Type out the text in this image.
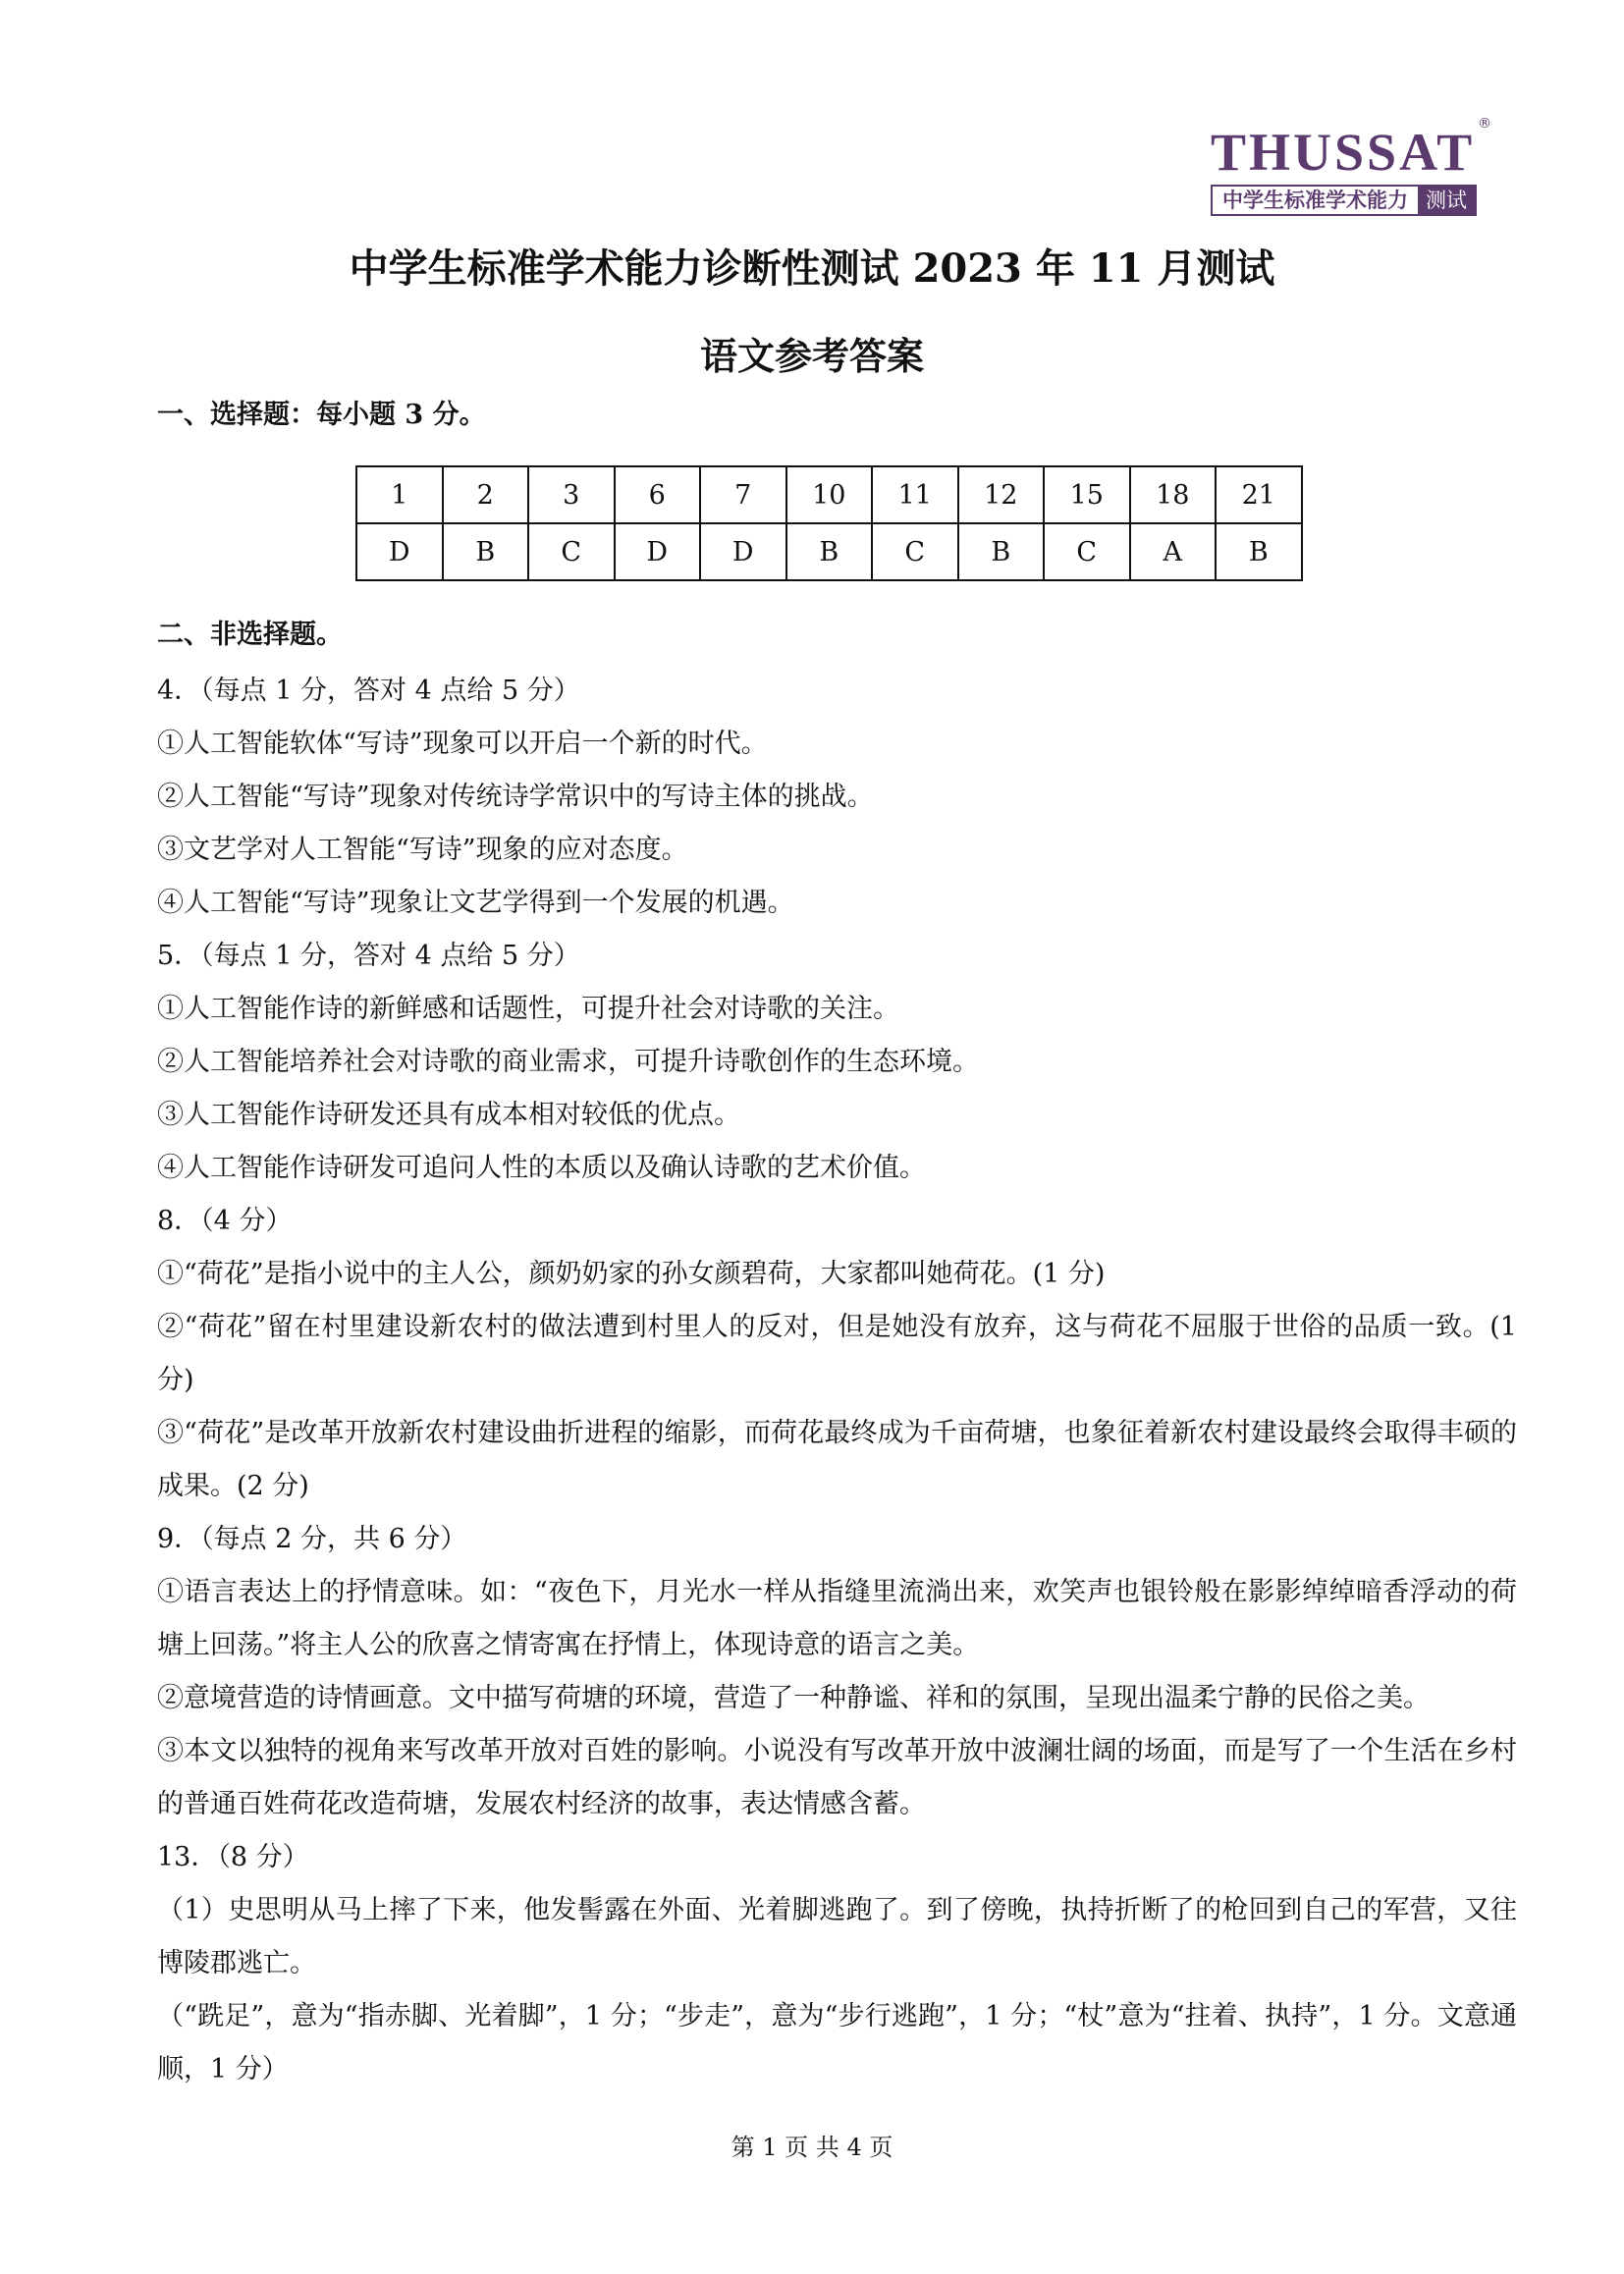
THUSSAT ®
中学生标准学术能力 测试
中学生标准学术能力诊断性测试 2023 年 11 月测试
语文参考答案
一、选择题：每小题 3 分。
1	2	3	6	7	10	11	12	15	18	21
D	B	C	D	D	B	C	B	C	A	B
二、非选择题。

4．（每点 1 分，答对 4 点给 5 分）

①人工智能软体“写诗”现象可以开启一个新的时代。

②人工智能“写诗”现象对传统诗学常识中的写诗主体的挑战。

③文艺学对人工智能“写诗”现象的应对态度。

④人工智能“写诗”现象让文艺学得到一个发展的机遇。

5．（每点 1 分，答对 4 点给 5 分）

①人工智能作诗的新鲜感和话题性，可提升社会对诗歌的关注。

②人工智能培养社会对诗歌的商业需求，可提升诗歌创作的生态环境。

③人工智能作诗研发还具有成本相对较低的优点。

④人工智能作诗研发可追问人性的本质以及确认诗歌的艺术价值。

8．（4 分）

①“荷花”是指小说中的主人公，颜奶奶家的孙女颜碧荷，大家都叫她荷花。(1 分)

②“荷花”留在村里建设新农村的做法遭到村里人的反对，但是她没有放弃，这与荷花不屈服于世俗的品质一致。(1 分)

③“荷花”是改革开放新农村建设曲折进程的缩影，而荷花最终成为千亩荷塘，也象征着新农村建设最终会取得丰硕的成果。(2 分)

9．（每点 2 分，共 6 分）

①语言表达上的抒情意味。如：“夜色下，月光水一样从指缝里流淌出来，欢笑声也银铃般在影影绰绰暗香浮动的荷塘上回荡。”将主人公的欣喜之情寄寓在抒情上，体现诗意的语言之美。

②意境营造的诗情画意。文中描写荷塘的环境，营造了一种静谧、祥和的氛围，呈现出温柔宁静的民俗之美。

③本文以独特的视角来写改革开放对百姓的影响。小说没有写改革开放中波澜壮阔的场面，而是写了一个生活在乡村的普通百姓荷花改造荷塘，发展农村经济的故事，表达情感含蓄。

13．（8 分）

（1）史思明从马上摔了下来，他发髻露在外面、光着脚逃跑了。到了傍晚，执持折断了的枪回到自己的军营，又往博陵郡逃亡。

（“跣足”，意为“指赤脚、光着脚”，1 分；“步走”，意为“步行逃跑”，1 分；“杖”意为“拄着、执持”，1 分。文意通顺，1 分）

第 1 页 共 4 页
